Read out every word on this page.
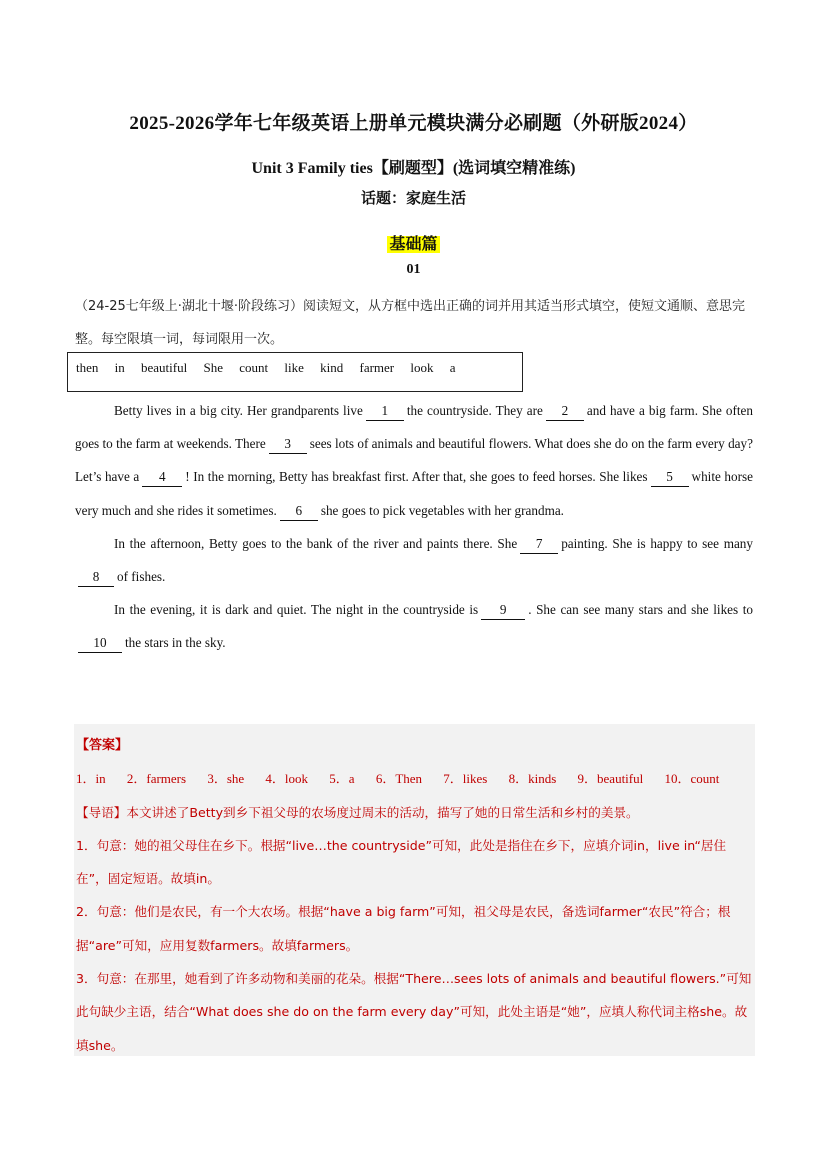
2025-2026学年七年级英语上册单元模块满分必刷题（外研版2024）
Unit 3 Family ties【刷题型】(选词填空精准练)
话题：家庭生活
基础篇
01
（24-25七年级上·湖北十堰·阶段练习）阅读短文，从方框中选出正确的词并用其适当形式填空，使短文通顺、意思完整。每空限填一词，每词限用一次。
then in beautiful She count like kind farmer look a

Betty lives in a big city. Her grandparents live 1 the countryside. They are 2 and have a big farm. She often goes to the farm at weekends. There 3 sees lots of animals and beautiful flowers. What does she do on the farm every day? Let’s have a 4 ! In the morning, Betty has breakfast first. After that, she goes to feed horses. She likes 5 white horse very much and she rides it sometimes. 6 she goes to pick vegetables with her grandma.

In the afternoon, Betty goes to the bank of the river and paints there. She 7 painting. She is happy to see many8 of fishes.

In the evening, it is dark and quiet. The night in the countryside is 9 . She can see many stars and she likes to10 the stars in the sky.

【答案】
1．in 2．farmers 3．she 4．look 5．a 6．Then 7．likes 8．kinds 9．beautiful 10．count
【导语】本文讲述了Betty到乡下祖父母的农场度过周末的活动，描写了她的日常生活和乡村的美景。
1．句意：她的祖父母住在乡下。根据“live…the countryside”可知，此处是指住在乡下，应填介词in，live in“居住在”，固定短语。故填in。
2．句意：他们是农民，有一个大农场。根据“have a big farm”可知，祖父母是农民，备选词farmer“农民”符合；根据“are”可知，应用复数farmers。故填farmers。
3．句意：在那里，她看到了许多动物和美丽的花朵。根据“There…sees lots of animals and beautiful flowers.”可知此句缺少主语，结合“What does she do on the farm every day”可知，此处主语是“她”，应填人称代词主格she。故填she。
